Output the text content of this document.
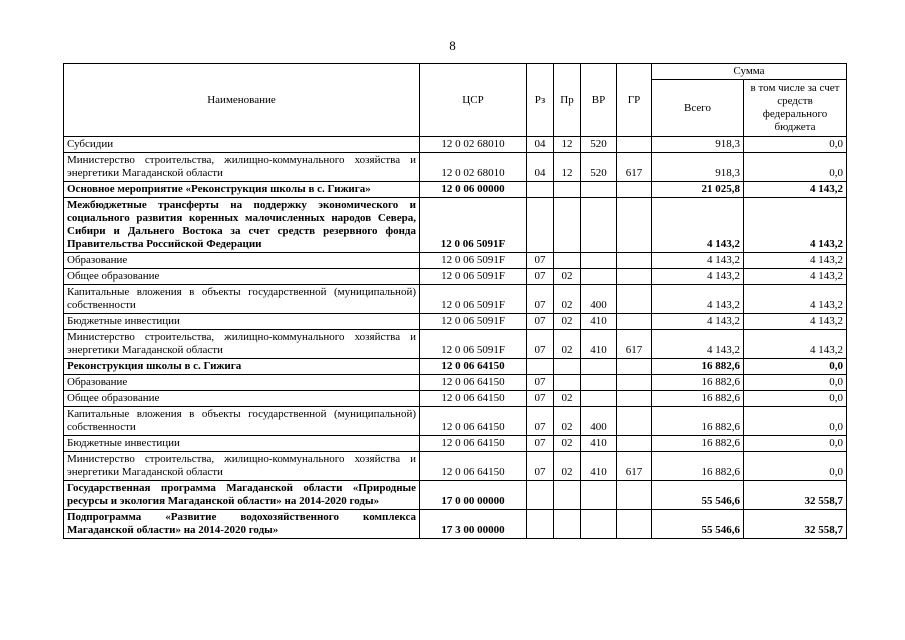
8
Наименование	ЦСР	Рз	Пр	ВР	ГР	Сумма	
						Всего	в том числе за счет средств федерального бюджета
Субсидии	12 0 02 68010	04	12	520		918,3	0,0
Министерство строительства, жилищно-коммунального хозяйства и энергетики Магаданской области	12 0 02 68010	04	12	520	617	918,3	0,0
Основное мероприятие «Реконструкция школы в с. Гижига»	12 0 06 00000					21 025,8	4 143,2
Межбюджетные трансферты на поддержку экономического и социального развития коренных малочисленных народов Севера, Сибири и Дальнего Востока за счет средств резервного фонда Правительства Российской Федерации	12 0 06 5091F					4 143,2	4 143,2
Образование	12 0 06 5091F	07				4 143,2	4 143,2
Общее образование	12 0 06 5091F	07	02			4 143,2	4 143,2
Капитальные вложения в объекты государственной (муниципальной) собственности	12 0 06 5091F	07	02	400		4 143,2	4 143,2
Бюджетные инвестиции	12 0 06 5091F	07	02	410		4 143,2	4 143,2
Министерство строительства, жилищно-коммунального хозяйства и энергетики Магаданской области	12 0 06 5091F	07	02	410	617	4 143,2	4 143,2
Реконструкция школы в с. Гижига	12 0 06 64150					16 882,6	0,0
Образование	12 0 06 64150	07				16 882,6	0,0
Общее образование	12 0 06 64150	07	02			16 882,6	0,0
Капитальные вложения в объекты государственной (муниципальной) собственности	12 0 06 64150	07	02	400		16 882,6	0,0
Бюджетные инвестиции	12 0 06 64150	07	02	410		16 882,6	0,0
Министерство строительства, жилищно-коммунального хозяйства и энергетики Магаданской области	12 0 06 64150	07	02	410	617	16 882,6	0,0
Государственная программа Магаданской области «Природные ресурсы и экология Магаданской области» на 2014-2020 годы»	17 0 00 00000					55 546,6	32 558,7
Подпрограмма «Развитие водохозяйственного комплекса Магаданской области» на 2014-2020 годы»	17 3 00 00000					55 546,6	32 558,7
